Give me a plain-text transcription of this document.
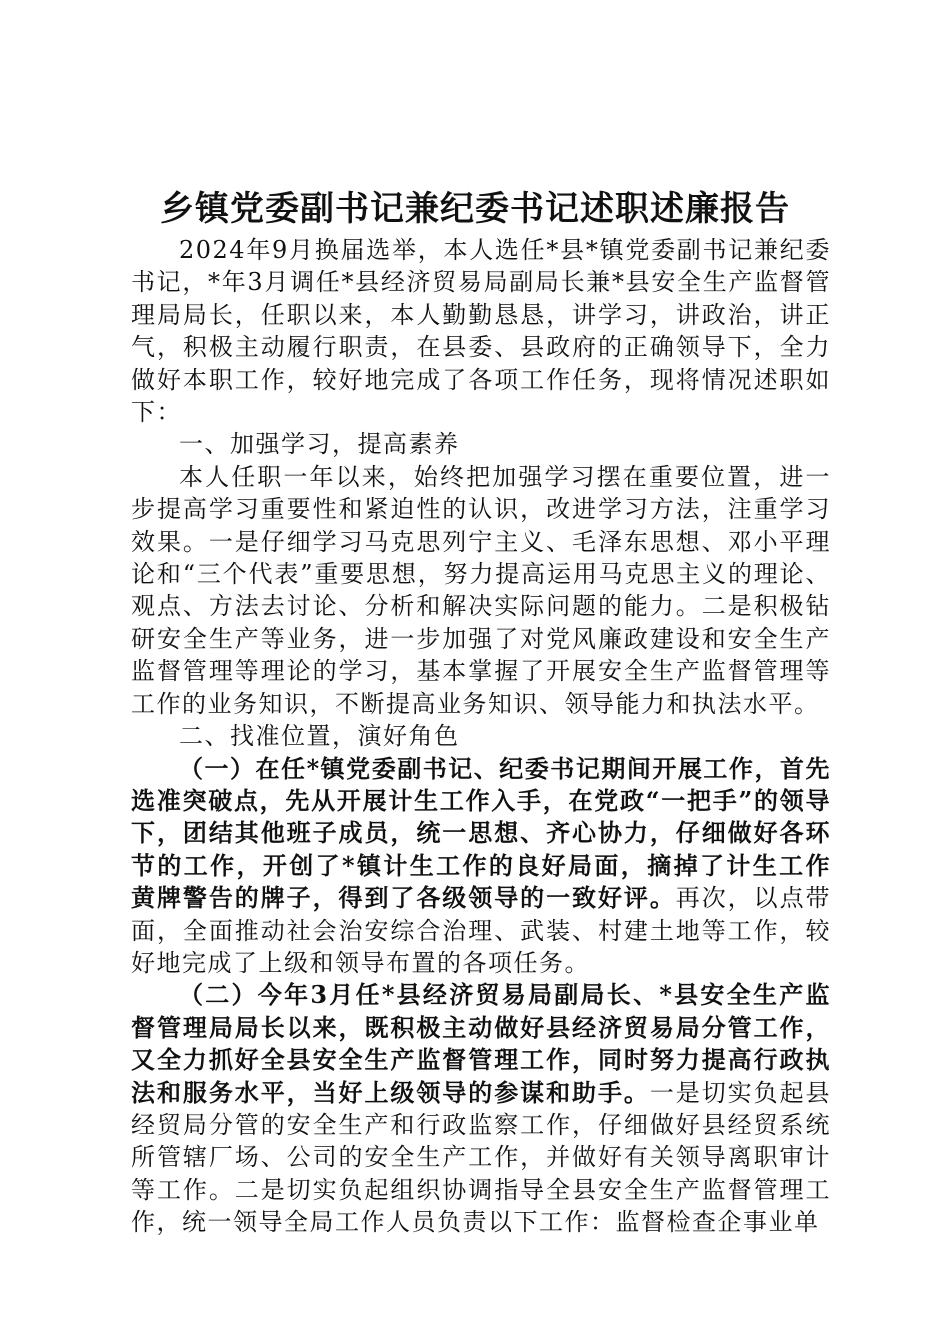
乡镇党委副书记兼纪委书记述职述廉报告

2024年9月换届选举，本人选任*县*镇党委副书记兼纪委书记，*年3月调任*县经济贸易局副局长兼*县安全生产监督管理局局长，任职以来，本人勤勤恳恳，讲学习，讲政治，讲正气，积极主动履行职责，在县委、县政府的正确领导下，全力做好本职工作，较好地完成了各项工作任务，现将情况述职如下：

一、加强学习，提高素养

本人任职一年以来，始终把加强学习摆在重要位置，进一步提高学习重要性和紧迫性的认识，改进学习方法，注重学习效果。一是仔细学习马克思列宁主义、毛泽东思想、邓小平理论和“三个代表”重要思想，努力提高运用马克思主义的理论、观点、方法去讨论、分析和解决实际问题的能力。二是积极钻研安全生产等业务，进一步加强了对党风廉政建设和安全生产监督管理等理论的学习，基本掌握了开展安全生产监督管理等工作的业务知识，不断提高业务知识、领导能力和执法水平。

二、找准位置，演好角色

（一）在任*镇党委副书记、纪委书记期间开展工作，首先选准突破点，先从开展计生工作入手，在党政“一把手”的领导下，团结其他班子成员，统一思想、齐心协力，仔细做好各环节的工作，开创了*镇计生工作的良好局面，摘掉了计生工作黄牌警告的牌子，得到了各级领导的一致好评。再次，以点带面，全面推动社会治安综合治理、武装、村建土地等工作，较好地完成了上级和领导布置的各项任务。

（二）今年3月任*县经济贸易局副局长、*县安全生产监督管理局局长以来，既积极主动做好县经济贸易局分管工作，又全力抓好全县安全生产监督管理工作，同时努力提高行政执法和服务水平，当好上级领导的参谋和助手。一是切实负起县经贸局分管的安全生产和行政监察工作，仔细做好县经贸系统所管辖厂场、公司的安全生产工作，并做好有关领导离职审计等工作。二是切实负起组织协调指导全县安全生产监督管理工作，统一领导全局工作人员负责以下工作：监督检查企事业单
